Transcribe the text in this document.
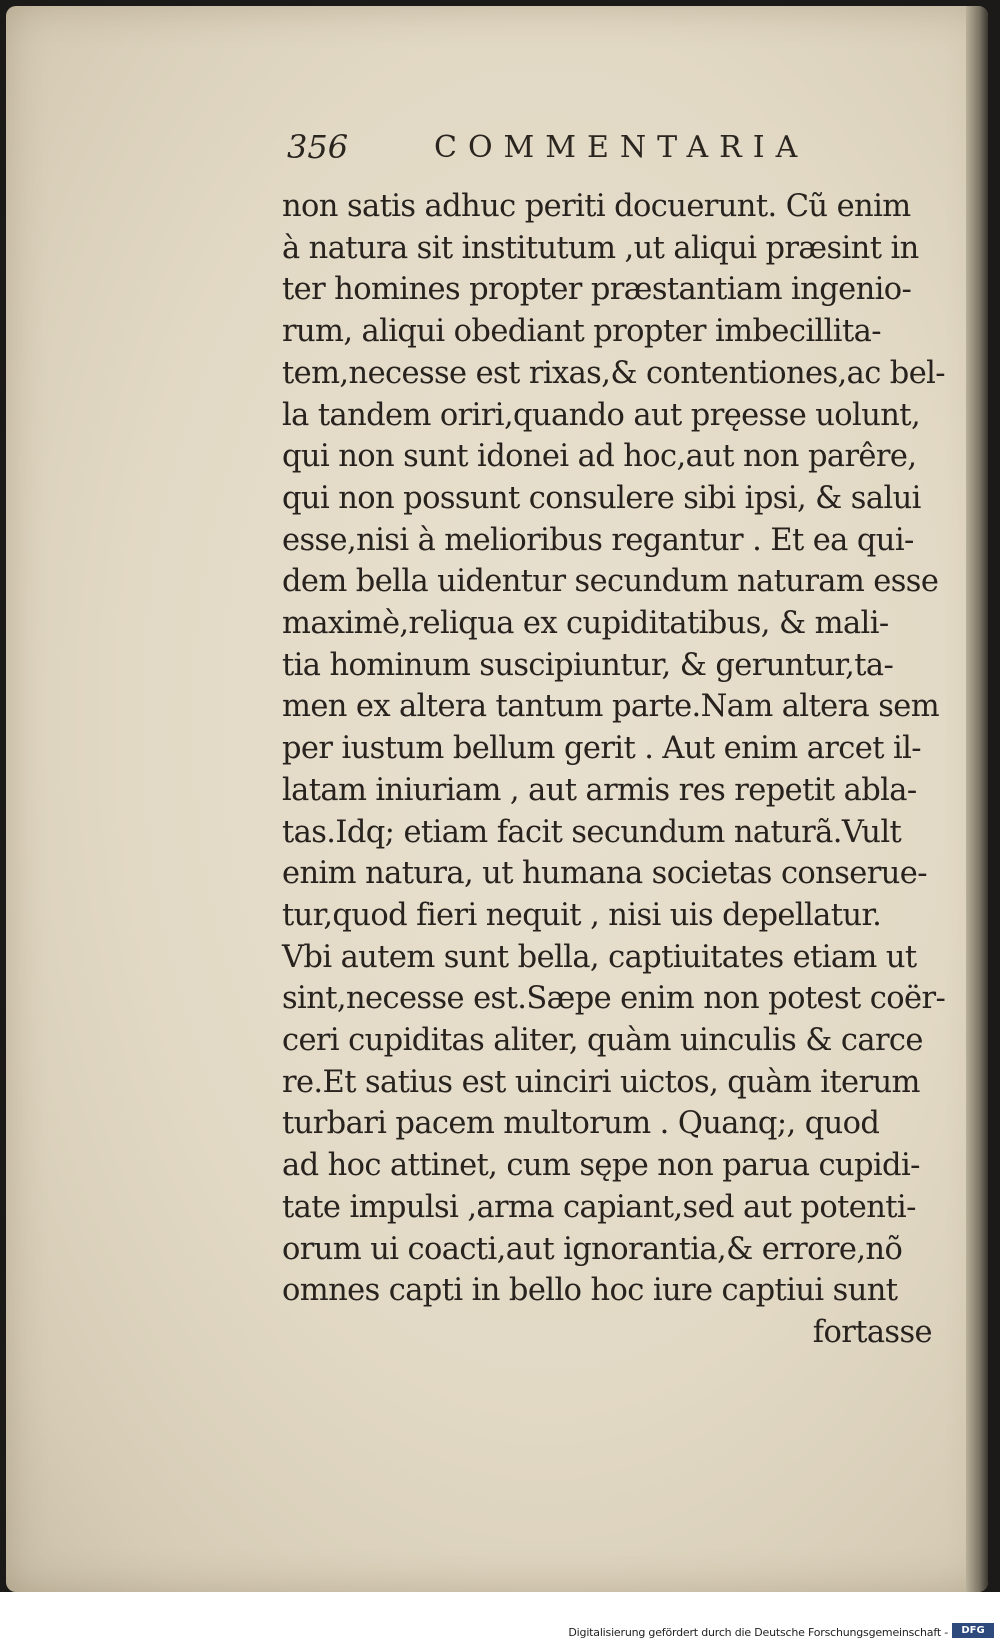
356	COMMENTARIA
non satis adhuc periti docuerunt. Cũ enim
à natura sit institutum ,ut aliqui præsint in
ter homines propter præstantiam ingenio-
rum, aliqui obediant propter imbecillita-
tem,necesse est rixas,& contentiones,ac bel-
la tandem oriri,quando aut pręesse uolunt,
qui non sunt idonei ad hoc,aut non parêre,
qui non possunt consulere sibi ipsi, & salui
esse,nisi à melioribus regantur . Et ea qui-
dem bella uidentur secundum naturam esse
maximè,reliqua ex cupiditatibus, & mali-
tia hominum suscipiuntur, & geruntur,ta-
men ex altera tantum parte.Nam altera sem
per iustum bellum gerit . Aut enim arcet il-
latam iniuriam , aut armis res repetit abla-
tas.Idq; etiam facit secundum naturã.Vult
enim natura, ut humana societas conserue-
tur,quod fieri nequit , nisi uis depellatur.
Vbi autem sunt bella, captiuitates etiam ut
sint,necesse est.Sæpe enim non potest coër-
ceri cupiditas aliter, quàm uinculis & carce
re.Et satius est uinciri uictos, quàm iterum
turbari pacem multorum . Quanq;, quod
ad hoc attinet, cum sępe non parua cupidi-
tate impulsi ,arma capiant,sed aut potenti-
orum ui coacti,aut ignorantia,& errore,nõ
omnes capti in bello hoc iure captiui sunt
fortasse
Digitalisierung gefördert durch die Deutsche Forschungsgemeinschaft -	DFG
